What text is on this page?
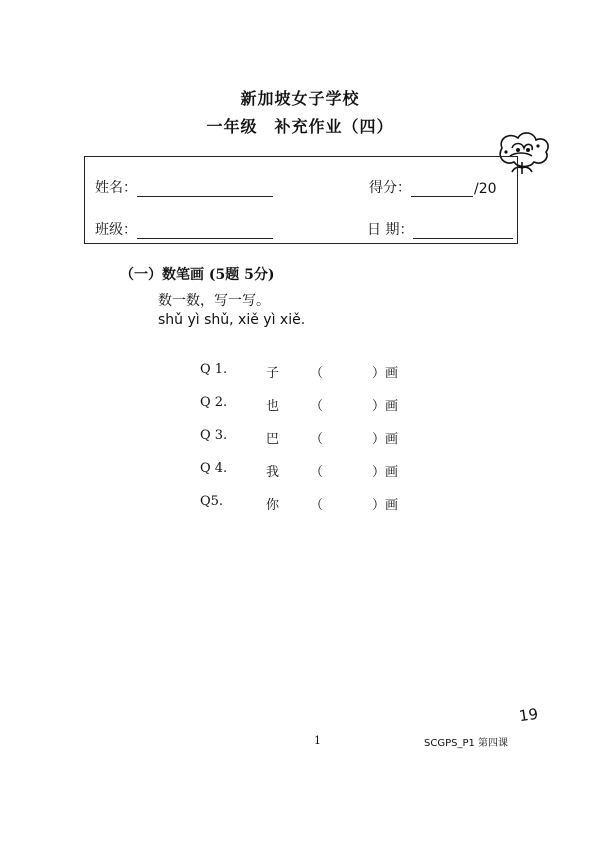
新加坡女子学校
一年级　补充作业（四）
姓名：	得分：	/20
班级：	日 期：
（一）数笔画 (5题 5分)
数一数，写一写。
shǔ yì shǔ, xiě yì xiě.
Q 1.	子 （	）画
Q 2.	也 （	）画
Q 3.	巴 （	）画
Q 4.	我 （	）画
Q5.	你 （	）画
19
1	SCGPS_P1 第四课
